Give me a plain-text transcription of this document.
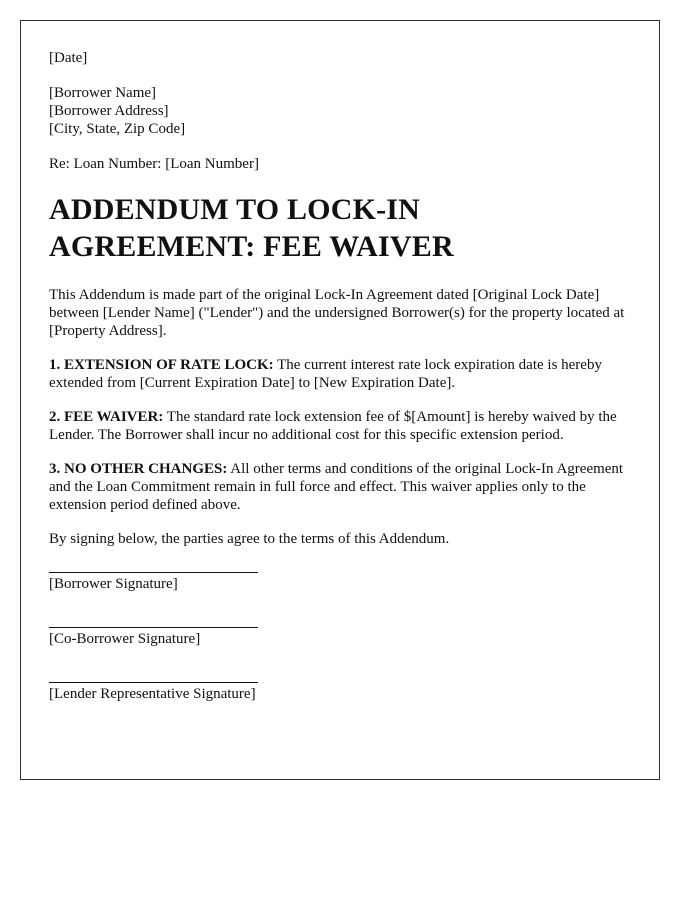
[Date]
[Borrower Name]
[Borrower Address]
[City, State, Zip Code]
Re: Loan Number: [Loan Number]
ADDENDUM TO LOCK-IN
AGREEMENT: FEE WAIVER

This Addendum is made part of the original Lock-In Agreement dated [Original Lock Date] between [Lender Name] ("Lender") and the undersigned Borrower(s) for the property located at [Property Address].

1. EXTENSION OF RATE LOCK: The current interest rate lock expiration date is hereby extended from [Current Expiration Date] to [New Expiration Date].

2. FEE WAIVER: The standard rate lock extension fee of $[Amount] is hereby waived by the Lender. The Borrower shall incur no additional cost for this specific extension period.

3. NO OTHER CHANGES: All other terms and conditions of the original Lock-In Agreement and the Loan Commitment remain in full force and effect. This waiver applies only to the extension period defined above.

By signing below, the parties agree to the terms of this Addendum.

[Borrower Signature]
[Co-Borrower Signature]
[Lender Representative Signature]
